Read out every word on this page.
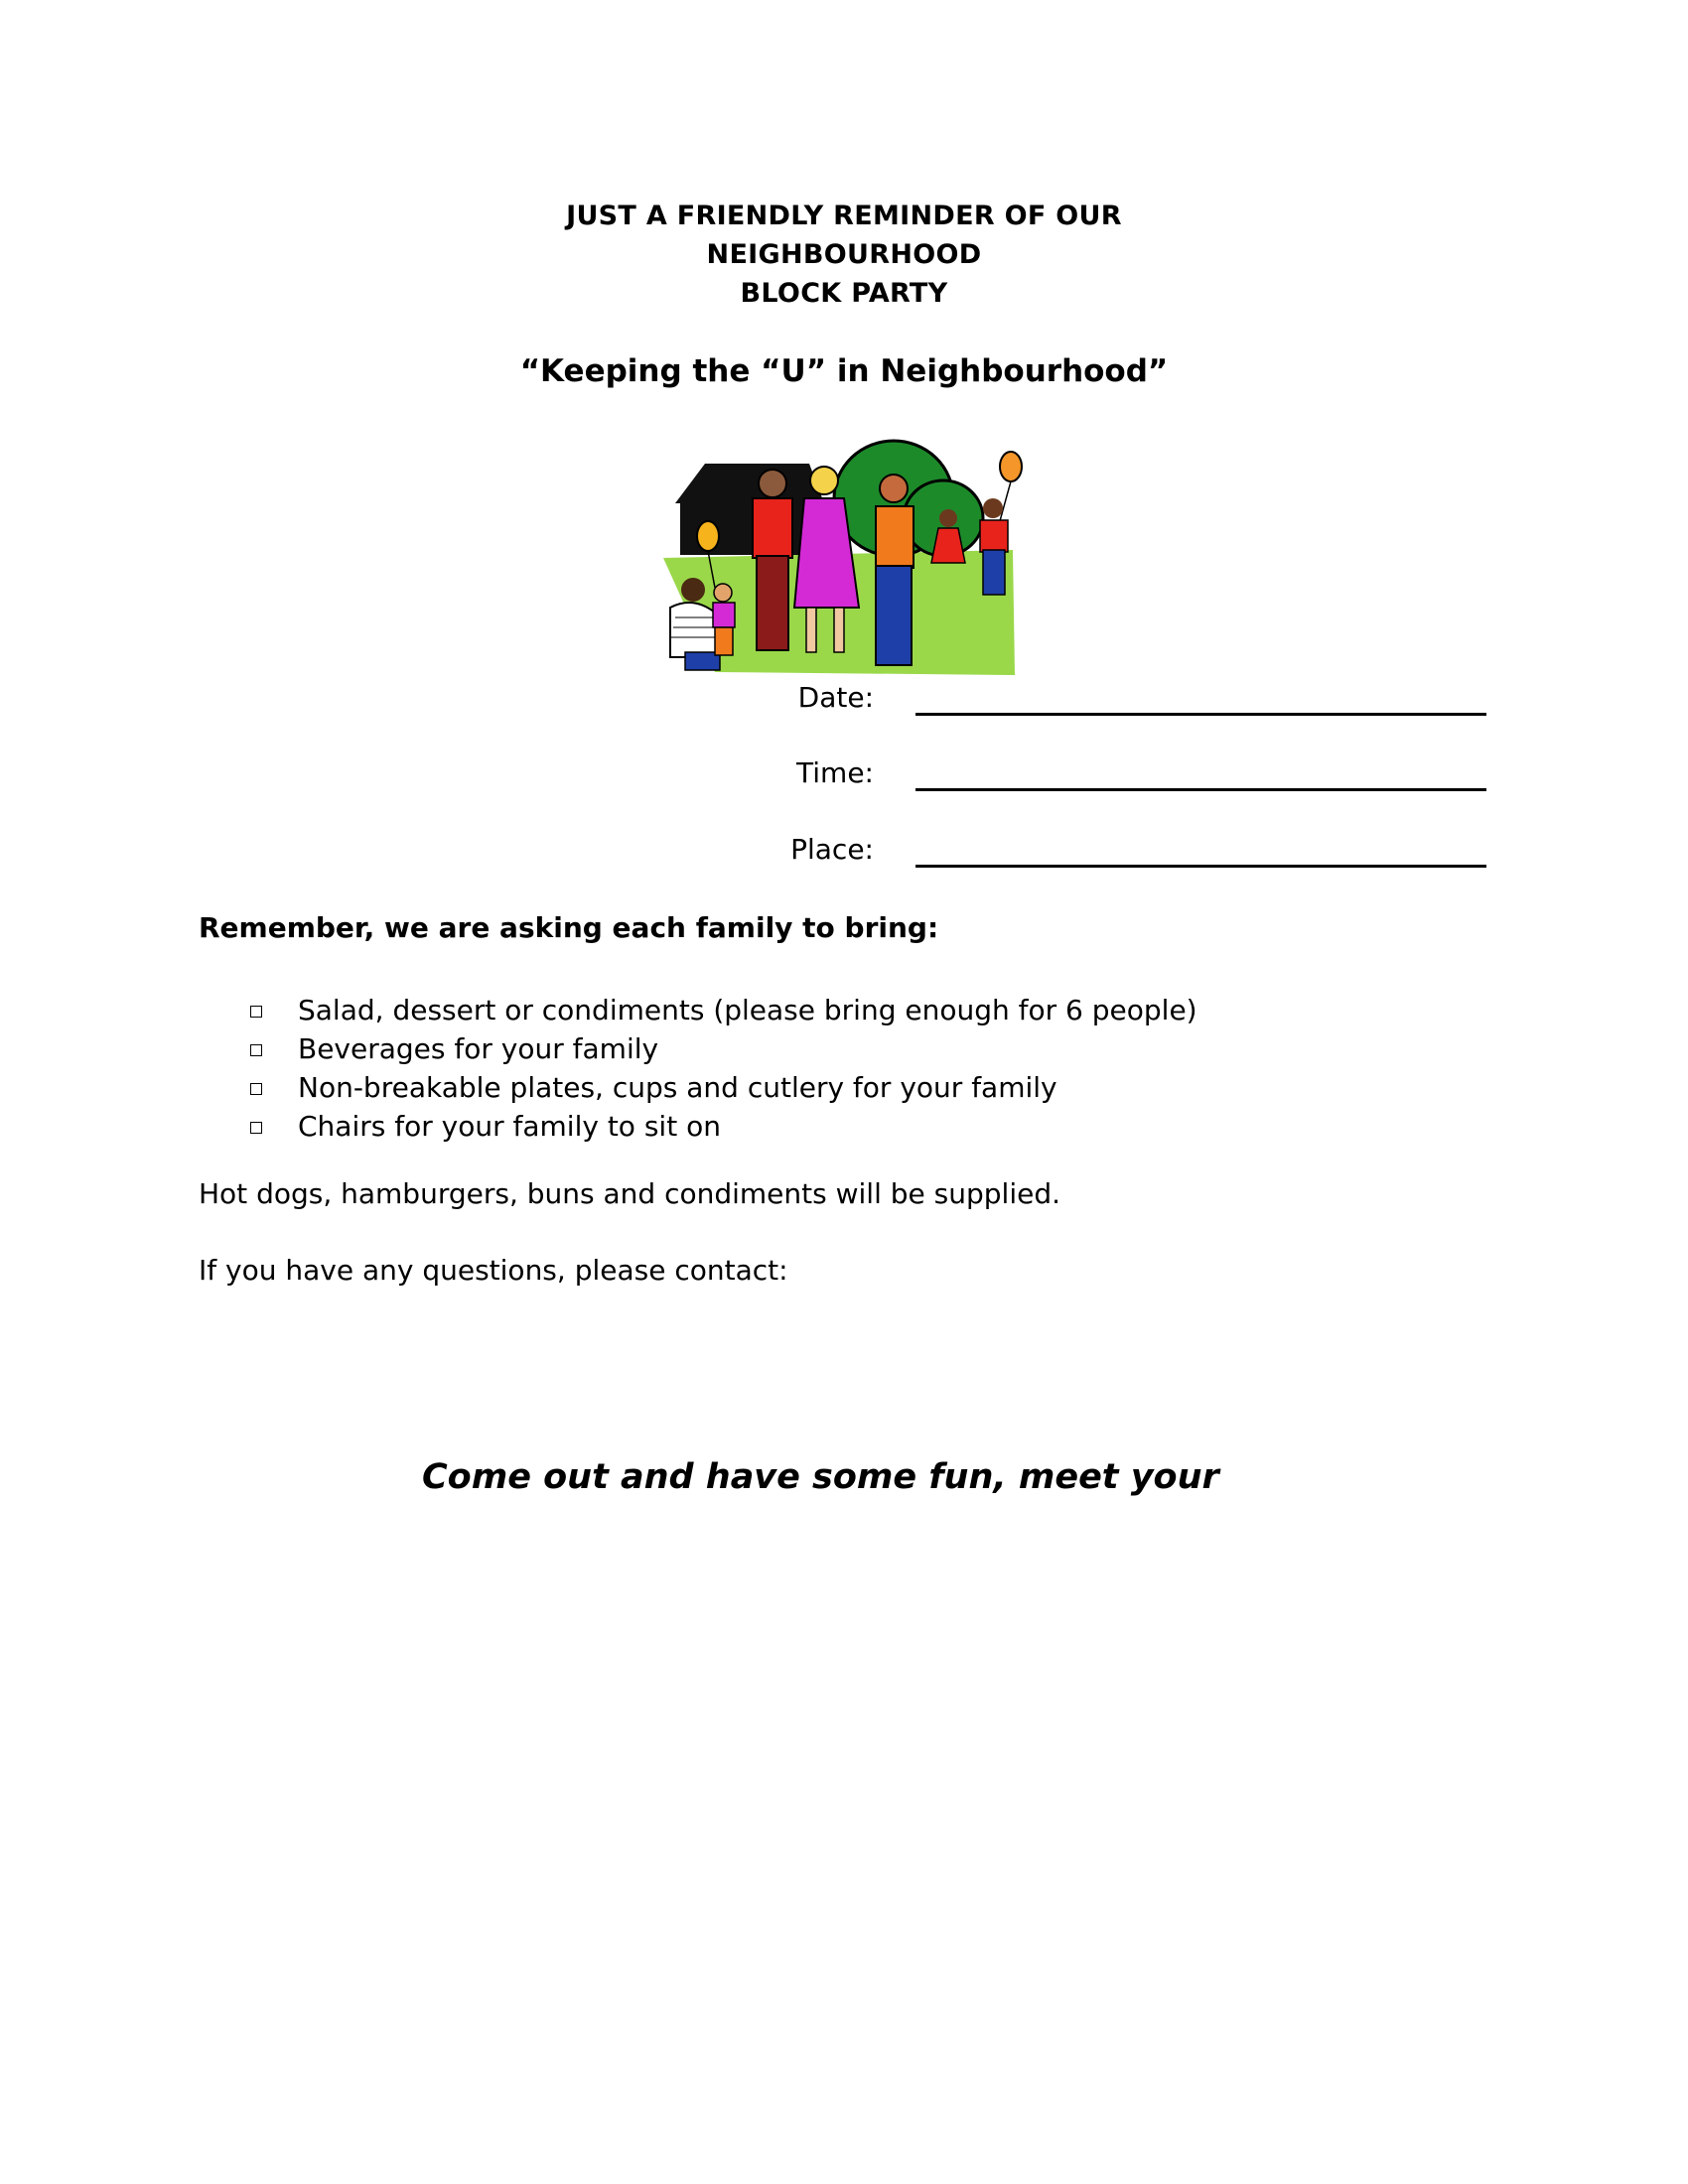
JUST A FRIENDLY REMINDER OF OUR
NEIGHBOURHOOD
BLOCK PARTY
“Keeping the “U” in Neighbourhood”
Date:
Time:
Place:
Remember, we are asking each family to bring:
Salad, dessert or condiments (please bring enough for 6 people)
Beverages for your family
Non-breakable plates, cups and cutlery for your family
Chairs for your family to sit on
Hot dogs, hamburgers, buns and condiments will be supplied.
If you have any questions, please contact:
Come out and have some fun, meet your
